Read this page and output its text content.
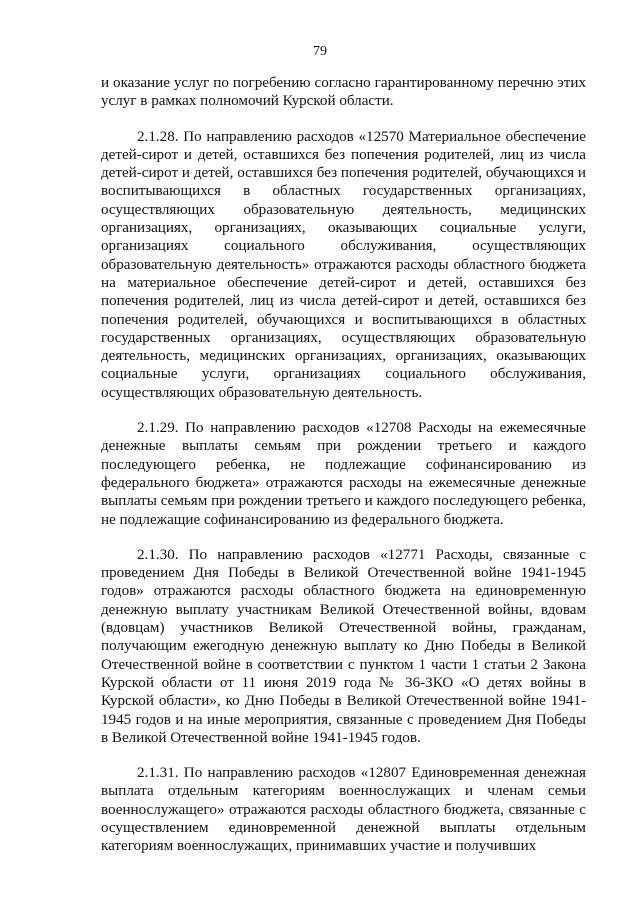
79

и оказание услуг по погребению согласно гарантированному перечню этих услуг в рамках полномочий Курской области.

2.1.28. По направлению расходов «12570 Материальное обеспечение детей-сирот и детей, оставшихся без попечения родителей, лиц из числа детей-сирот и детей, оставшихся без попечения родителей, обучающихся и воспитывающихся в областных государственных организациях, осуществляющих образовательную деятельность, медицинских организациях, организациях, оказывающих социальные услуги, организациях социального обслуживания, осуществляющих образовательную деятельность» отражаются расходы областного бюджета на материальное обеспечение детей-сирот и детей, оставшихся без попечения родителей, лиц из числа детей-сирот и детей, оставшихся без попечения родителей, обучающихся и воспитывающихся в областных государственных организациях, осуществляющих образовательную деятельность, медицинских организациях, организациях, оказывающих социальные услуги, организациях социального обслуживания, осуществляющих образовательную деятельность.

2.1.29. По направлению расходов «12708 Расходы на ежемесячные денежные выплаты семьям при рождении третьего и каждого последующего ребенка, не подлежащие софинансированию из федерального бюджета» отражаются расходы на ежемесячные денежные выплаты семьям при рождении третьего и каждого последующего ребенка, не подлежащие софинансированию из федерального бюджета.

2.1.30. По направлению расходов «12771 Расходы, связанные с проведением Дня Победы в Великой Отечественной войне 1941-1945 годов» отражаются расходы областного бюджета на единовременную денежную выплату участникам Великой Отечественной войны, вдовам (вдовцам) участников Великой Отечественной войны, гражданам, получающим ежегодную денежную выплату ко Дню Победы в Великой Отечественной войне в соответствии с пунктом 1 части 1 статьи 2 Закона Курской области от 11 июня 2019 года № 36-ЗКО «О детях войны в Курской области», ко Дню Победы в Великой Отечественной войне 1941-1945 годов и на иные мероприятия, связанные с проведением Дня Победы в Великой Отечественной войне 1941-1945 годов.

2.1.31. По направлению расходов «12807 Единовременная денежная выплата отдельным категориям военнослужащих и членам семьи военнослужащего» отражаются расходы областного бюджета, связанные с осуществлением единовременной денежной выплаты отдельным категориям военнослужащих, принимавших участие и получивших
